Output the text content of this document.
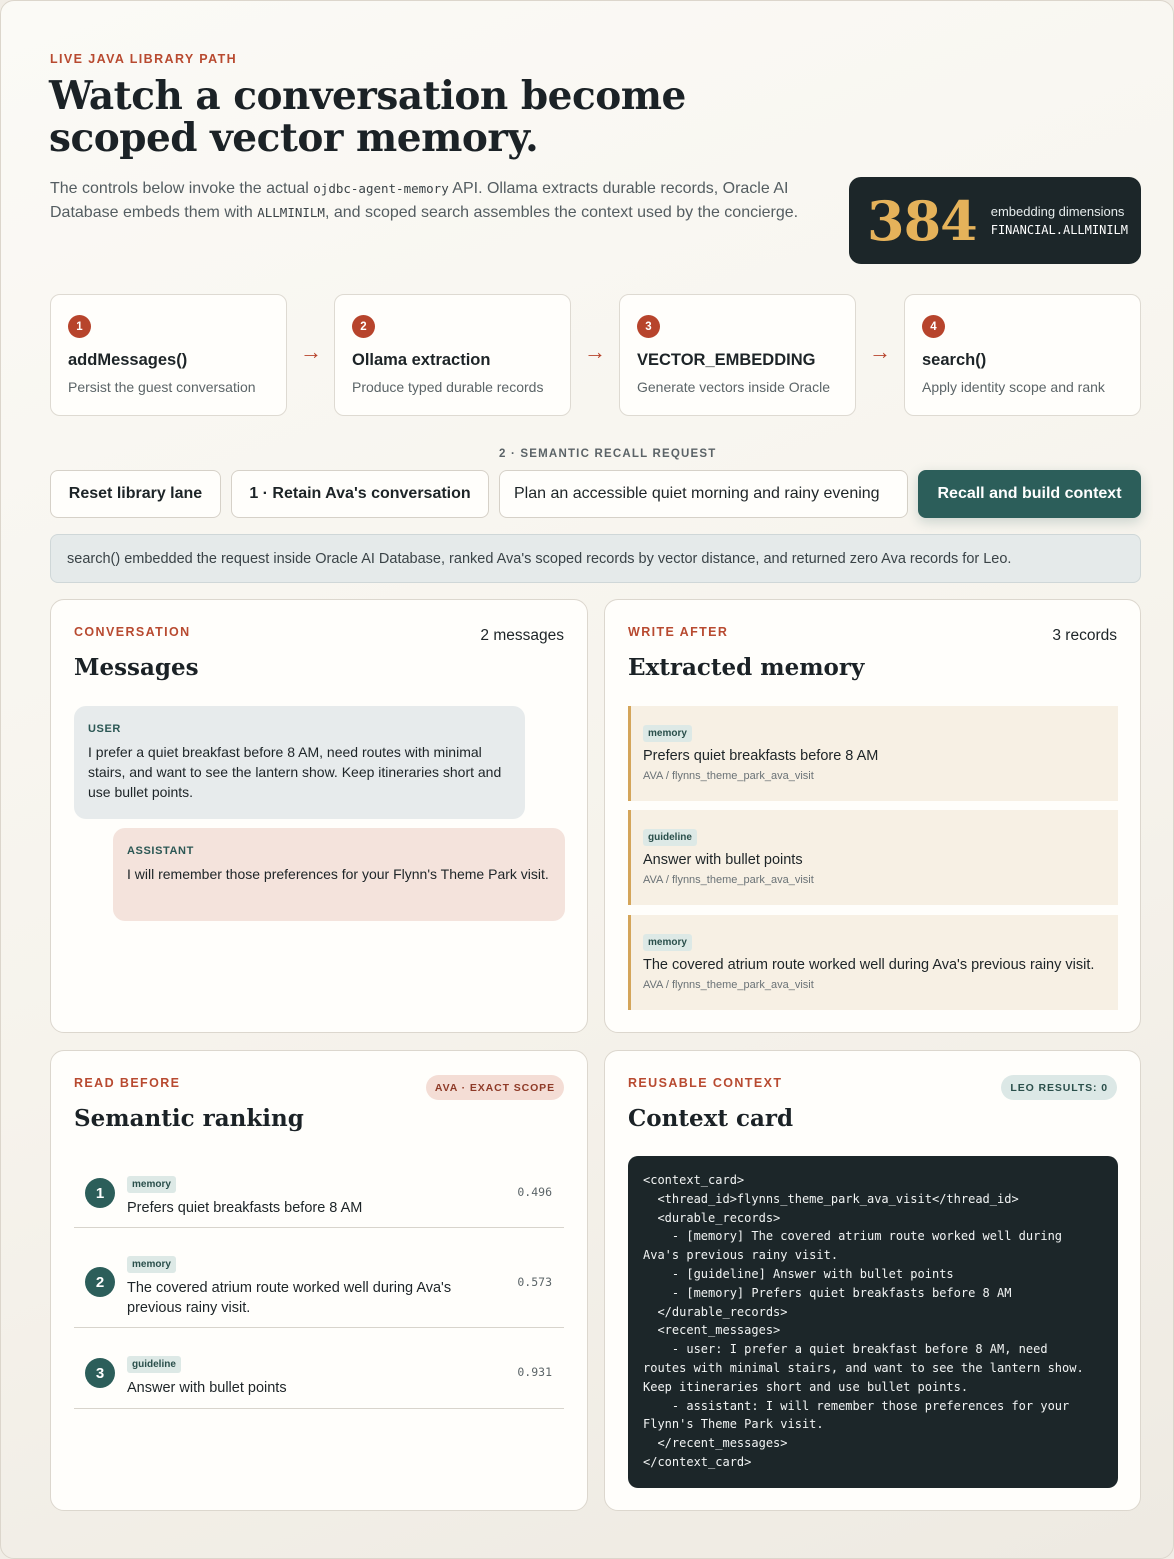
LIVE JAVA LIBRARY PATH
Watch a conversation become scoped vector memory.

The controls below invoke the actual ojdbc-agent-memory API. Ollama extracts durable records, Oracle AI Database embeds them with ALLMINILM, and scoped search assembles the context used by the concierge. 384 embedding dimensions
FINANCIAL.ALLMINILM
1
addMessages()
Persist the guest conversation
→
2
Ollama extraction
Produce typed durable records
→
3
VECTOR_EMBEDDING
Generate vectors inside Oracle
→
4
search()
Apply identity scope and rank
2 · SEMANTIC RECALL REQUEST
Reset library lane	1 · Retain Ava's conversation	Plan an accessible quiet morning and rainy evening	Recall and build context
search() embedded the request inside Oracle AI Database, ranked Ava's scoped records by vector distance, and returned zero Ava records for Leo.
CONVERSATION	2 messages
Messages
USER
I prefer a quiet breakfast before 8 AM, need routes with minimal stairs, and want to see the lantern show. Keep itineraries short and use bullet points.
ASSISTANT
I will remember those preferences for your Flynn's Theme Park visit.
WRITE AFTER	3 records
Extracted memory
memory
Prefers quiet breakfasts before 8 AM
AVA / flynns_theme_park_ava_visit
guideline
Answer with bullet points
AVA / flynns_theme_park_ava_visit
memory
The covered atrium route worked well during Ava's previous rainy visit.
AVA / flynns_theme_park_ava_visit
READ BEFORE	AVA · EXACT SCOPE
Semantic ranking
1	memory
Prefers quiet breakfasts before 8 AM
0.496
2
memory
The covered atrium route worked well during Ava's previous rainy visit.
0.573
3	guideline
Answer with bullet points
0.931
REUSABLE CONTEXT	LEO RESULTS: 0
Context card
<context_card>
<thread_id>flynns_theme_park_ava_visit</thread_id>
<durable_records>
- [memory] The covered atrium route worked well during
Ava's previous rainy visit.
- [guideline] Answer with bullet points
- [memory] Prefers quiet breakfasts before 8 AM
</durable_records>
<recent_messages>
- user: I prefer a quiet breakfast before 8 AM, need
routes with minimal stairs, and want to see the lantern show.
Keep itineraries short and use bullet points.
- assistant: I will remember those preferences for your
Flynn's Theme Park visit.
</recent_messages>
</context_card>
